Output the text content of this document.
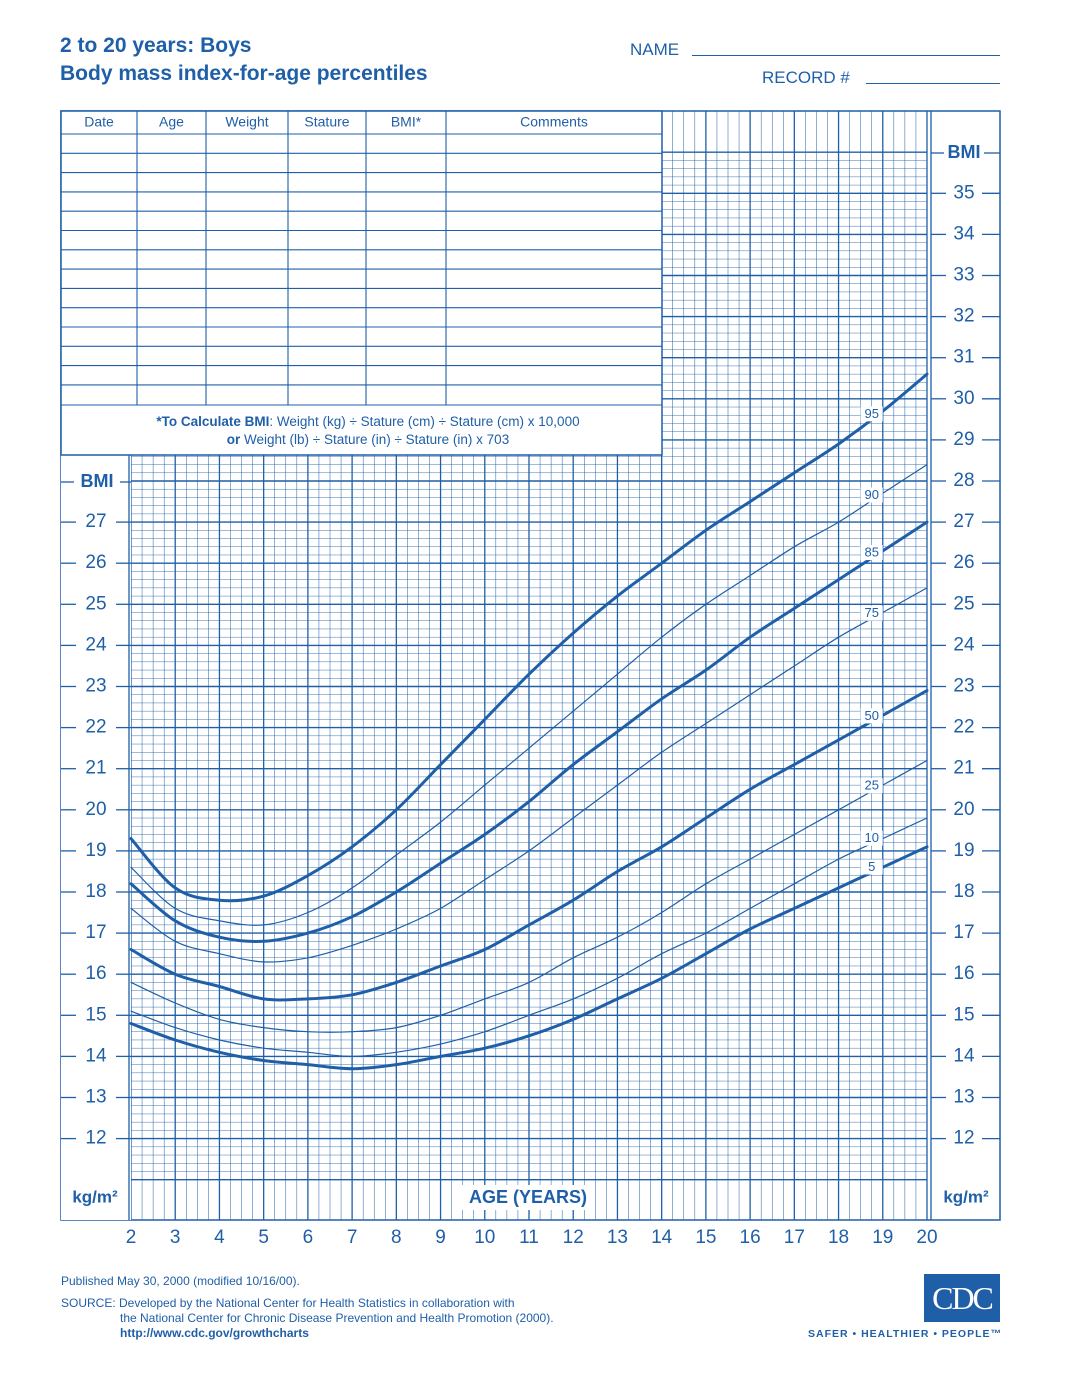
2 to 20 years: Boys
Body mass index-for-age percentiles
NAME
RECORD #
*To Calculate BMI: Weight (kg) ÷ Stature (cm) ÷ Stature (cm) x 10,000
or Weight (lb) ÷ Stature (in) ÷ Stature (in) x 703
Date	Age	Weight	Stature	BMI*	Comments
BMI
BMI
kg/m²	kg/m²
AGE (YEARS)
12
13
14
15
16
17
18
19
20
21
22
23
24
25
26
27
12
13
14
15
16
17
18
19
20
21
22
23
24
25
26
27
28
29
30
31
32
33
34
35
2 3 4 5 6 7 8 9 10 11 12 13 14 15 16 17 18 19 20
95
90
85
75
50
25
10
5
Published May 30, 2000 (modified 10/16/00).
SOURCE: Developed by the National Center for Health Statistics in collaboration with
the National Center for Chronic Disease Prevention and Health Promotion (2000).
http://www.cdc.gov/growthcharts
CDC
SAFER • HEALTHIER • PEOPLE™
